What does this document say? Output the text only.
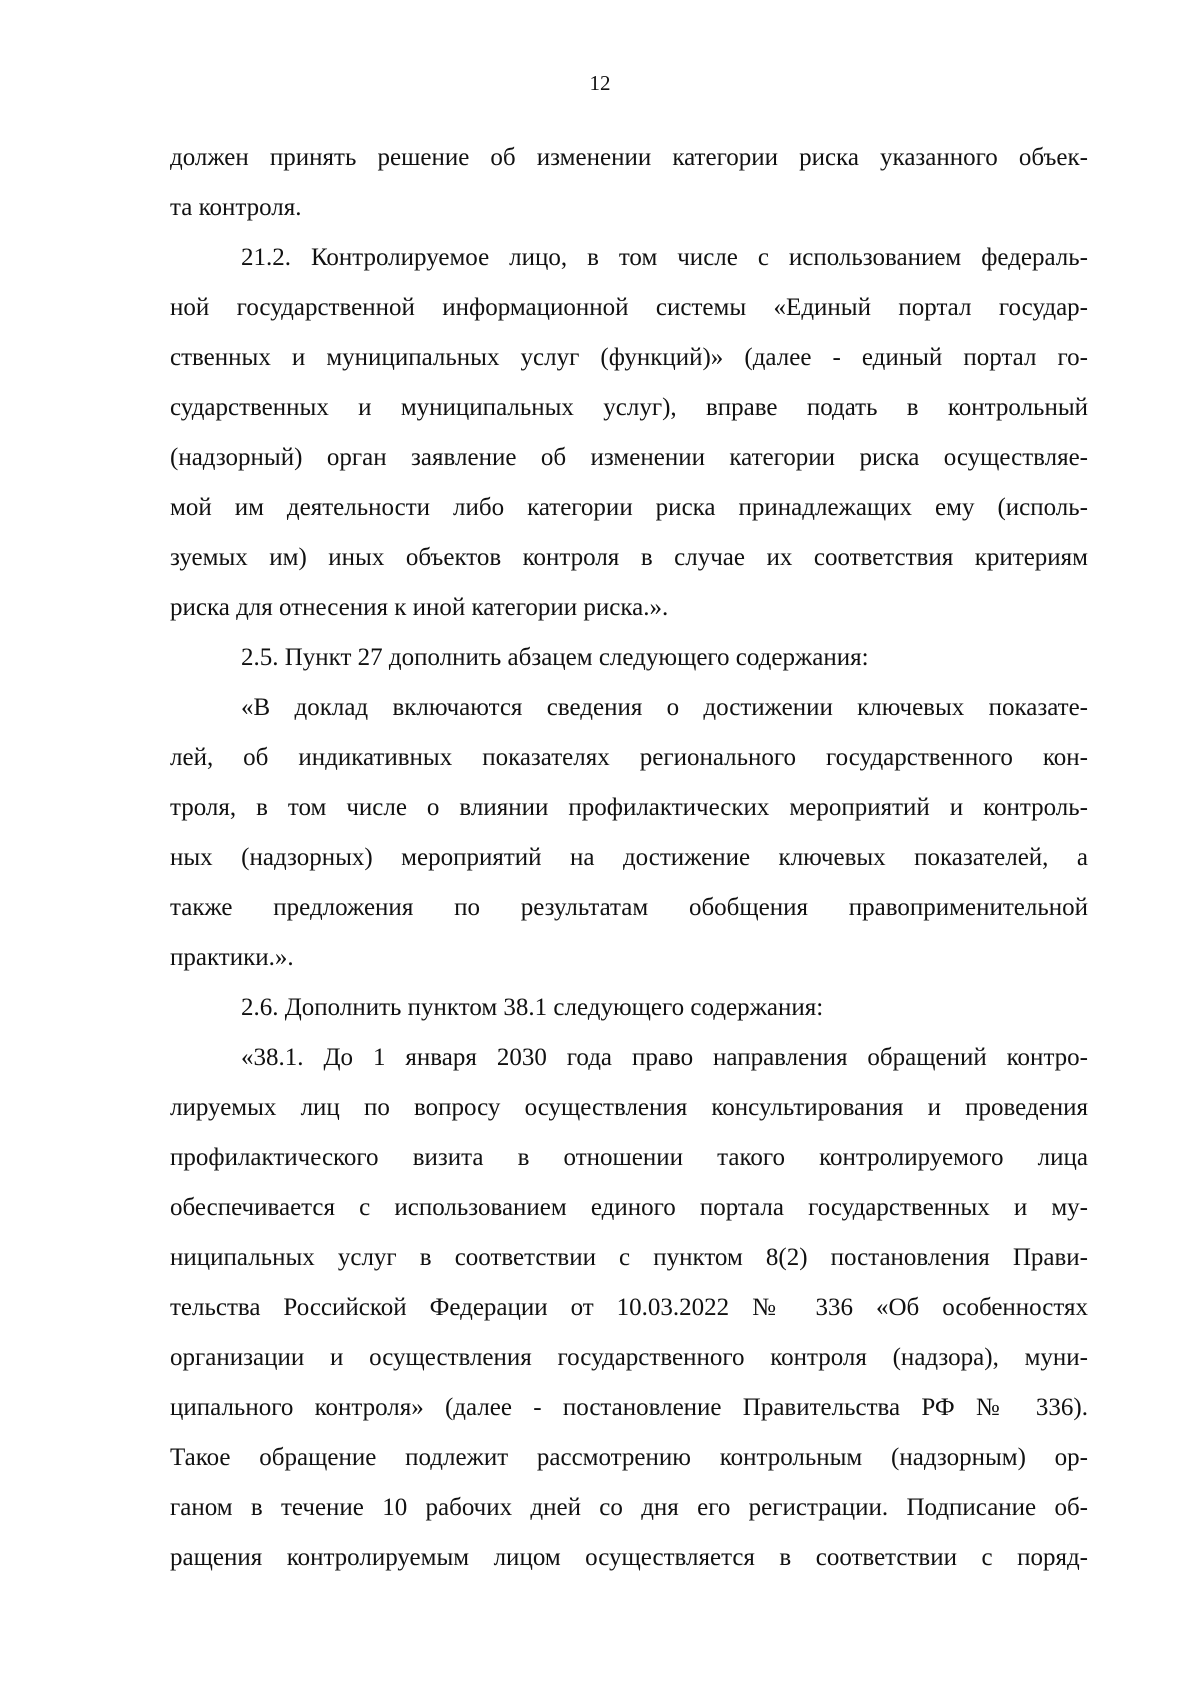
12
должен принять решение об изменении категории риска указанного объек-
та контроля.
21.2. Контролируемое лицо, в том числе с использованием федераль-
ной государственной информационной системы «Единый портал государ-
ственных и муниципальных услуг (функций)» (далее - единый портал го-
сударственных и муниципальных услуг), вправе подать в контрольный
(надзорный) орган заявление об изменении категории риска осуществляе-
мой им деятельности либо категории риска принадлежащих ему (исполь-
зуемых им) иных объектов контроля в случае их соответствия критериям
риска для отнесения к иной категории риска.».
2.5. Пункт 27 дополнить абзацем следующего содержания:
«В доклад включаются сведения о достижении ключевых показате-
лей, об индикативных показателях регионального государственного кон-
троля, в том числе о влиянии профилактических мероприятий и контроль-
ных (надзорных) мероприятий на достижение ключевых показателей, а
также предложения по результатам обобщения правоприменительной
практики.».
2.6. Дополнить пунктом 38.1 следующего содержания:
«38.1. До 1 января 2030 года право направления обращений контро-
лируемых лиц по вопросу осуществления консультирования и проведения
профилактического визита в отношении такого контролируемого лица
обеспечивается с использованием единого портала государственных и му-
ниципальных услуг в соответствии с пунктом 8(2) постановления Прави-
тельства Российской Федерации от 10.03.2022 № 336 «Об особенностях
организации и осуществления государственного контроля (надзора), муни-
ципального контроля» (далее - постановление Правительства РФ № 336).
Такое обращение подлежит рассмотрению контрольным (надзорным) ор-
ганом в течение 10 рабочих дней со дня его регистрации. Подписание об-
ращения контролируемым лицом осуществляется в соответствии с поряд-
